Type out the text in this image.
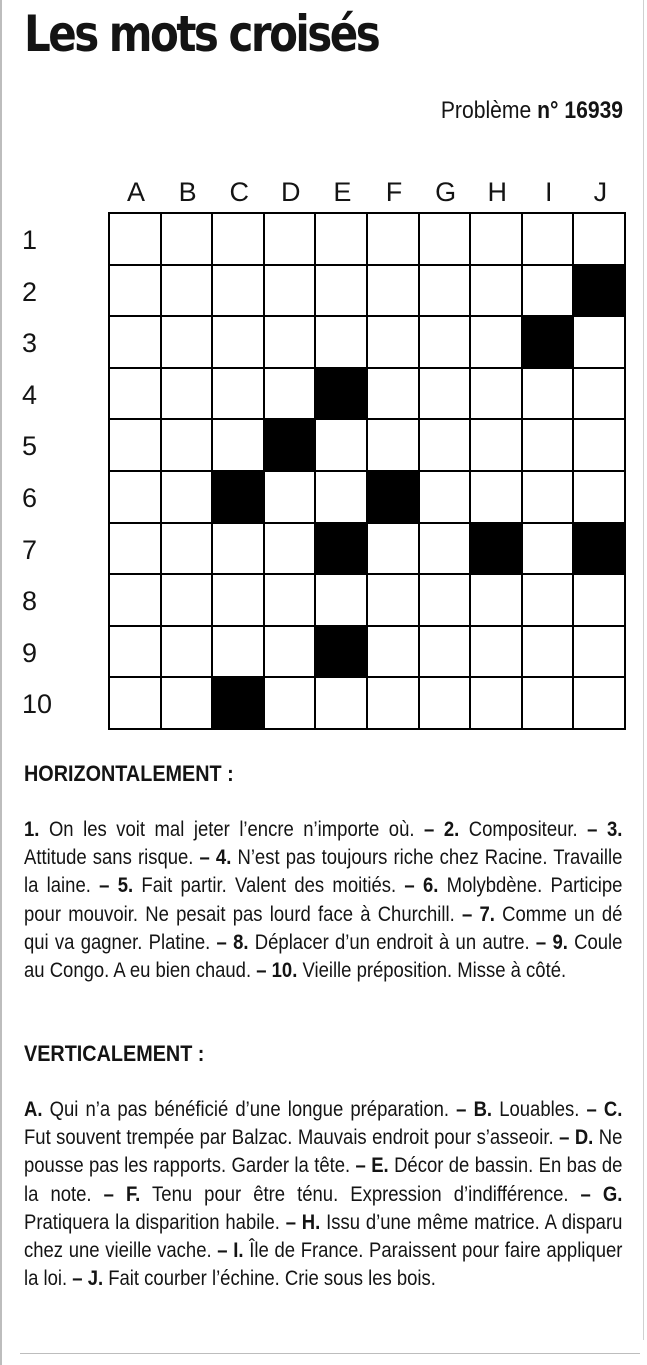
Les mots croisés
Problème n° 16939
A	B	C	D	E	F	G	H	I	J
1
2
3
4
5
6
7
8
9
10
HORIZONTALEMENT :

1. On les voit mal jeter l’encre n’importe où. – 2. Compositeur. – 3. Attitude sans risque. – 4. N’est pas toujours riche chez Racine. Travaille la laine. – 5. Fait partir. Valent des moitiés. – 6. Molybdène. Participe pour mouvoir. Ne pesait pas lourd face à Churchill. – 7. Comme un dé qui va gagner. Platine. – 8. Déplacer d’un endroit à un autre. – 9. Coule au Congo. A eu bien chaud. – 10. Vieille préposition. Misse à côté.

VERTICALEMENT :

A. Qui n’a pas bénéficié d’une longue préparation. – B. Louables. – C. Fut souvent trempée par Balzac. Mauvais endroit pour s’asseoir. – D. Ne pousse pas les rapports. Garder la tête. – E. Décor de bassin. En bas de la note. – F. Tenu pour être ténu. Expression d’indifférence. – G. Pratiquera la disparition habile. – H. Issu d’une même matrice. A disparu chez une vieille vache. – I. Île de France. Paraissent pour faire appliquer la loi. – J. Fait courber l’échine. Crie sous les bois.
